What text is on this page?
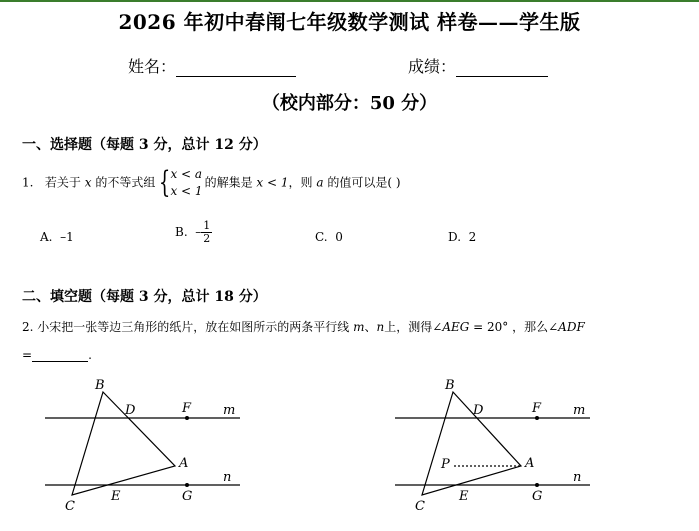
2026 年初中春闱七年级数学测试 样卷——学生版
姓名：	成绩：
（校内部分：50 分）
一、选择题（每题 3 分，总计 12 分）
1. 若关于 x 的不等式组 { x < a
x < 1
的解集是 x < 1，则 a 的值可以是( )
A. –1	B. – $\frac{1}{2}$	C. 0	D. 2
二、填空题（每题 3 分，总计 18 分）
2. 小宋把一张等边三角形的纸片，放在如图所示的两条平行线 m、n上，测得∠AEG = 20° ，那么∠ADF
=	.
B
D	F m
A
n
C
E	G
B
D	F m
P	A
n
C
E	G
